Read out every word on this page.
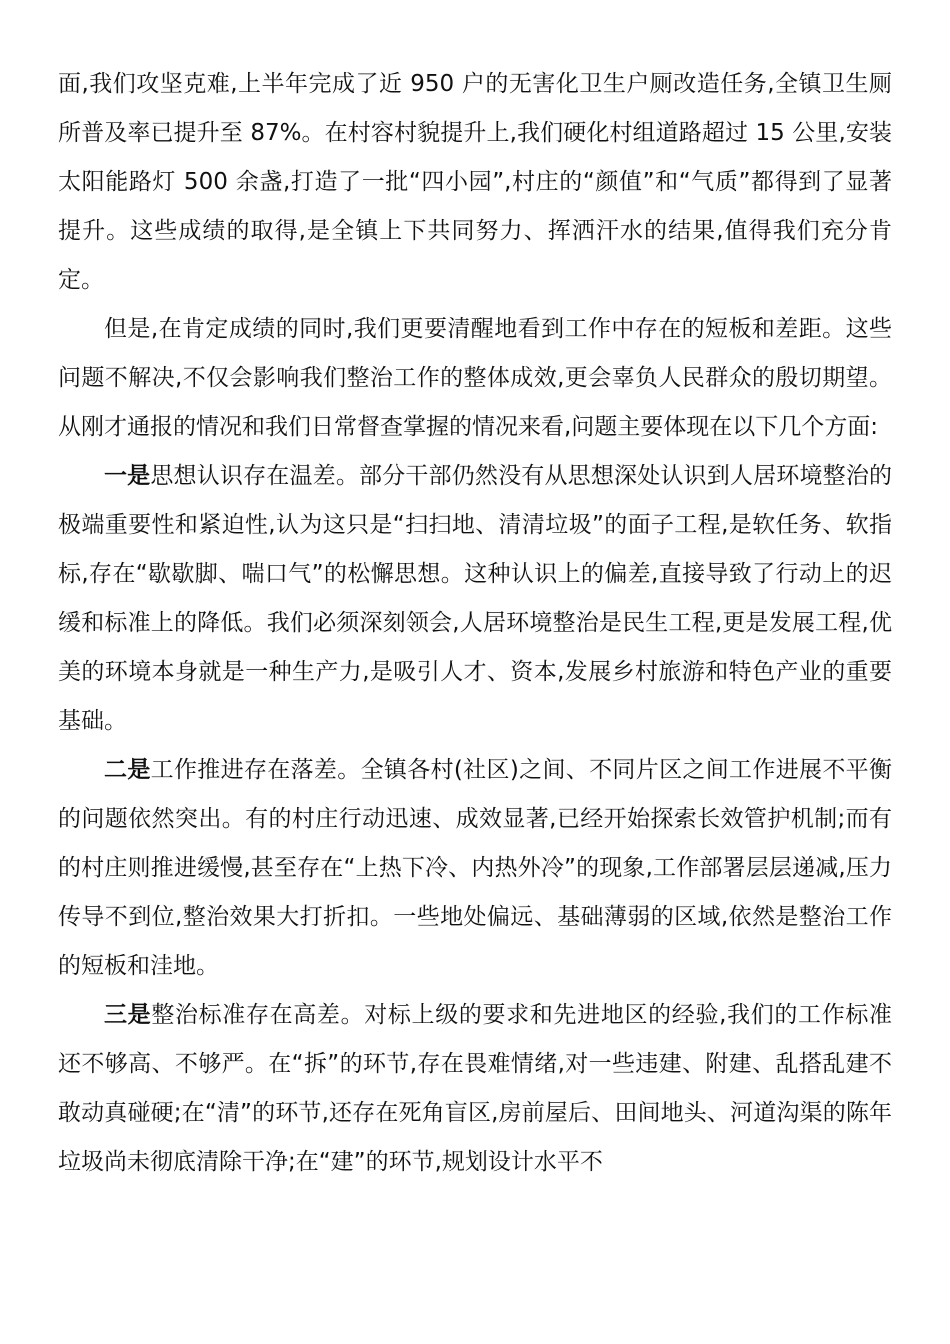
面,我们攻坚克难,上半年完成了近 950 户的无害化卫生户厕改造任务,全镇卫生厕所普及率已提升至 87%。在村容村貌提升上,我们硬化村组道路超过 15 公里,安装太阳能路灯 500 余盏,打造了一批“四小园”,村庄的“颜值”和“气质”都得到了显著提升。这些成绩的取得,是全镇上下共同努力、挥洒汗水的结果,值得我们充分肯定。

但是,在肯定成绩的同时,我们更要清醒地看到工作中存在的短板和差距。这些问题不解决,不仅会影响我们整治工作的整体成效,更会辜负人民群众的殷切期望。从刚才通报的情况和我们日常督查掌握的情况来看,问题主要体现在以下几个方面:

一是思想认识存在温差。部分干部仍然没有从思想深处认识到人居环境整治的极端重要性和紧迫性,认为这只是“扫扫地、清清垃圾”的面子工程,是软任务、软指标,存在“歇歇脚、喘口气”的松懈思想。这种认识上的偏差,直接导致了行动上的迟缓和标准上的降低。我们必须深刻领会,人居环境整治是民生工程,更是发展工程,优美的环境本身就是一种生产力,是吸引人才、资本,发展乡村旅游和特色产业的重要基础。

二是工作推进存在落差。全镇各村(社区)之间、不同片区之间工作进展不平衡的问题依然突出。有的村庄行动迅速、成效显著,已经开始探索长效管护机制;而有的村庄则推进缓慢,甚至存在“上热下冷、内热外冷”的现象,工作部署层层递减,压力传导不到位,整治效果大打折扣。一些地处偏远、基础薄弱的区域,依然是整治工作的短板和洼地。

三是整治标准存在高差。对标上级的要求和先进地区的经验,我们的工作标准还不够高、不够严。在“拆”的环节,存在畏难情绪,对一些违建、附建、乱搭乱建不敢动真碰硬;在“清”的环节,还存在死角盲区,房前屋后、田间地头、河道沟渠的陈年垃圾尚未彻底清除干净;在“建”的环节,规划设计水平不
